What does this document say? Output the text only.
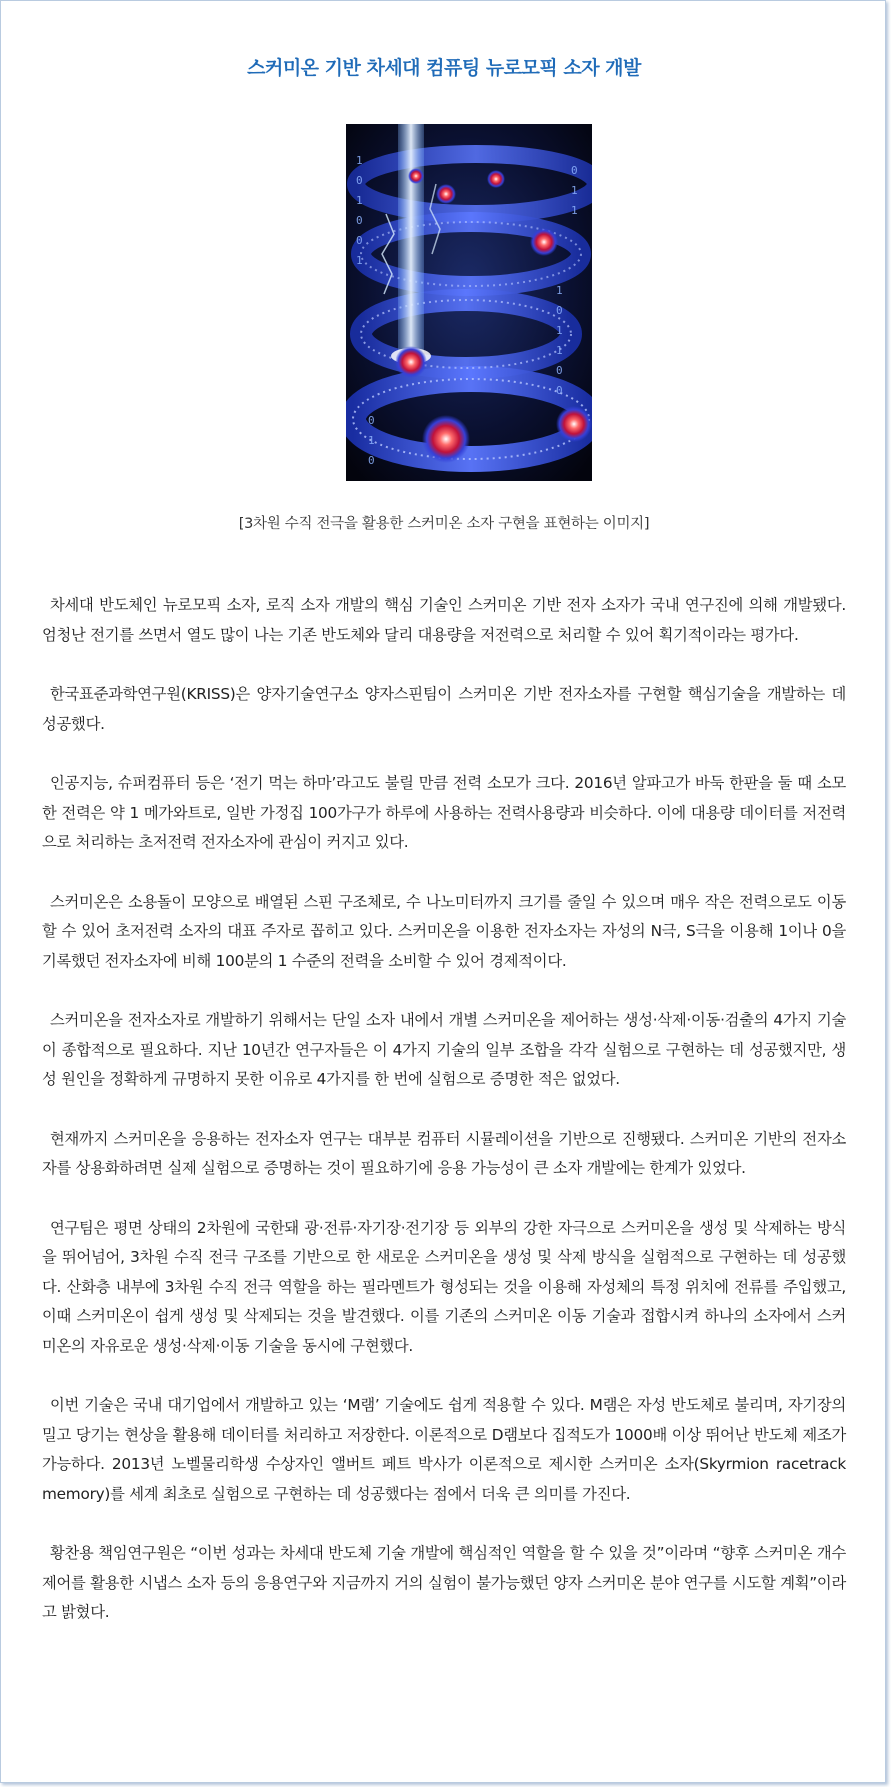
스커미온 기반 차세대 컴퓨팅 뉴로모픽 소자 개발
1
0
1
0
0
1
1
0
1
1
0
0
0
1
0
0
1
1
[3차원 수직 전극을 활용한 스커미온 소자 구현을 표현하는 이미지]

차세대 반도체인 뉴로모픽 소자, 로직 소자 개발의 핵심 기술인 스커미온 기반 전자 소자가 국내 연구진에 의해 개발됐다. 엄청난 전기를 쓰면서 열도 많이 나는 기존 반도체와 달리 대용량을 저전력으로 처리할 수 있어 획기적이라는 평가다.

한국표준과학연구원(KRISS)은 양자기술연구소 양자스핀팀이 스커미온 기반 전자소자를 구현할 핵심기술을 개발하는 데 성공했다.

인공지능, 슈퍼컴퓨터 등은 ‘전기 먹는 하마’라고도 불릴 만큼 전력 소모가 크다. 2016년 알파고가 바둑 한판을 둘 때 소모한 전력은 약 1 메가와트로, 일반 가정집 100가구가 하루에 사용하는 전력사용량과 비슷하다. 이에 대용량 데이터를 저전력으로 처리하는 초저전력 전자소자에 관심이 커지고 있다.

스커미온은 소용돌이 모양으로 배열된 스핀 구조체로, 수 나노미터까지 크기를 줄일 수 있으며 매우 작은 전력으로도 이동할 수 있어 초저전력 소자의 대표 주자로 꼽히고 있다. 스커미온을 이용한 전자소자는 자성의 N극, S극을 이용해 1이나 0을 기록했던 전자소자에 비해 100분의 1 수준의 전력을 소비할 수 있어 경제적이다.

스커미온을 전자소자로 개발하기 위해서는 단일 소자 내에서 개별 스커미온을 제어하는 생성·삭제·이동·검출의 4가지 기술이 종합적으로 필요하다. 지난 10년간 연구자들은 이 4가지 기술의 일부 조합을 각각 실험으로 구현하는 데 성공했지만, 생성 원인을 정확하게 규명하지 못한 이유로 4가지를 한 번에 실험으로 증명한 적은 없었다.

현재까지 스커미온을 응용하는 전자소자 연구는 대부분 컴퓨터 시뮬레이션을 기반으로 진행됐다. 스커미온 기반의 전자소자를 상용화하려면 실제 실험으로 증명하는 것이 필요하기에 응용 가능성이 큰 소자 개발에는 한계가 있었다.

연구팀은 평면 상태의 2차원에 국한돼 광·전류·자기장·전기장 등 외부의 강한 자극으로 스커미온을 생성 및 삭제하는 방식을 뛰어넘어, 3차원 수직 전극 구조를 기반으로 한 새로운 스커미온을 생성 및 삭제 방식을 실험적으로 구현하는 데 성공했다. 산화층 내부에 3차원 수직 전극 역할을 하는 필라멘트가 형성되는 것을 이용해 자성체의 특정 위치에 전류를 주입했고, 이때 스커미온이 쉽게 생성 및 삭제되는 것을 발견했다. 이를 기존의 스커미온 이동 기술과 접합시켜 하나의 소자에서 스커미온의 자유로운 생성·삭제·이동 기술을 동시에 구현했다.

이번 기술은 국내 대기업에서 개발하고 있는 ‘M램’ 기술에도 쉽게 적용할 수 있다. M램은 자성 반도체로 불리며, 자기장의 밀고 당기는 현상을 활용해 데이터를 처리하고 저장한다. 이론적으로 D램보다 집적도가 1000배 이상 뛰어난 반도체 제조가 가능하다. 2013년 노벨물리학생 수상자인 앨버트 페트 박사가 이론적으로 제시한 스커미온 소자(Skyrmion racetrack memory)를 세계 최초로 실험으로 구현하는 데 성공했다는 점에서 더욱 큰 의미를 가진다.

황찬용 책임연구원은 “이번 성과는 차세대 반도체 기술 개발에 핵심적인 역할을 할 수 있을 것”이라며 “향후 스커미온 개수 제어를 활용한 시냅스 소자 등의 응용연구와 지금까지 거의 실험이 불가능했던 양자 스커미온 분야 연구를 시도할 계획”이라고 밝혔다.
